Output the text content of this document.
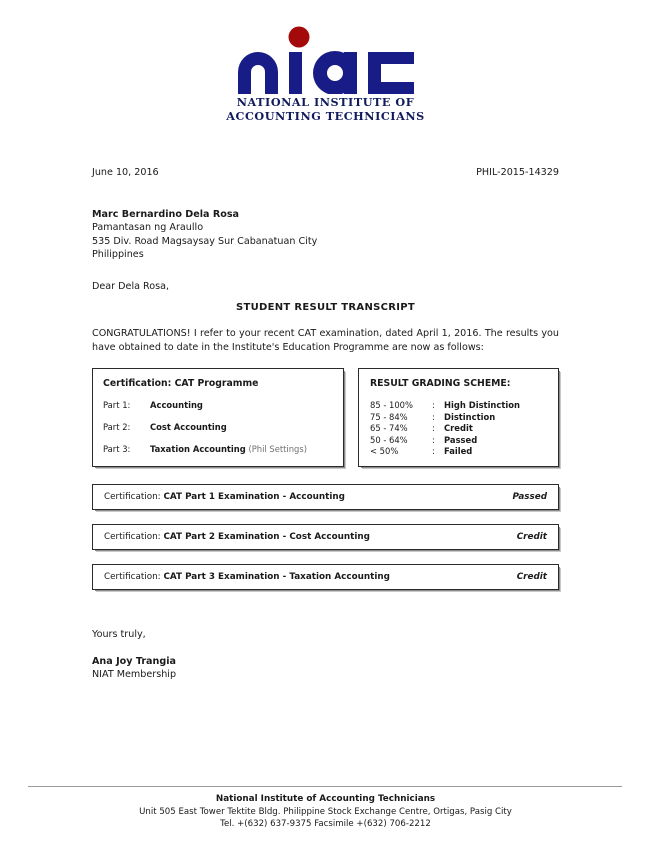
NATIONAL INSTITUTE OF
ACCOUNTING TECHNICIANS
June 10, 2016	PHIL-2015-14329
Marc Bernardino Dela Rosa
Pamantasan ng Araullo
535 Div. Road Magsaysay Sur Cabanatuan City
Philippines
Dear Dela Rosa,
STUDENT RESULT TRANSCRIPT
CONGRATULATIONS! I refer to your recent CAT examination, dated April 1, 2016. The results you have obtained to date in the Institute's Education Programme are now as follows:
Certification: CAT Programme
Part 1:	Accounting
Part 2:	Cost Accounting
Part 3:	Taxation Accounting (Phil Settings)
RESULT GRADING SCHEME:
85 - 100%	:	High Distinction
75 - 84%	:	Distinction
65 - 74%	:	Credit
50 - 64%	:	Passed
< 50%	:	Failed
Certification: CAT Part 1 Examination - Accounting	Passed
Certification: CAT Part 2 Examination - Cost Accounting	Credit
Certification: CAT Part 3 Examination - Taxation Accounting	Credit
Yours truly,
Ana Joy Trangia
NIAT Membership
National Institute of Accounting Technicians
Unit 505 East Tower Tektite Bldg. Philippine Stock Exchange Centre, Ortigas, Pasig City
Tel. +(632) 637-9375 Facsimile +(632) 706-2212
